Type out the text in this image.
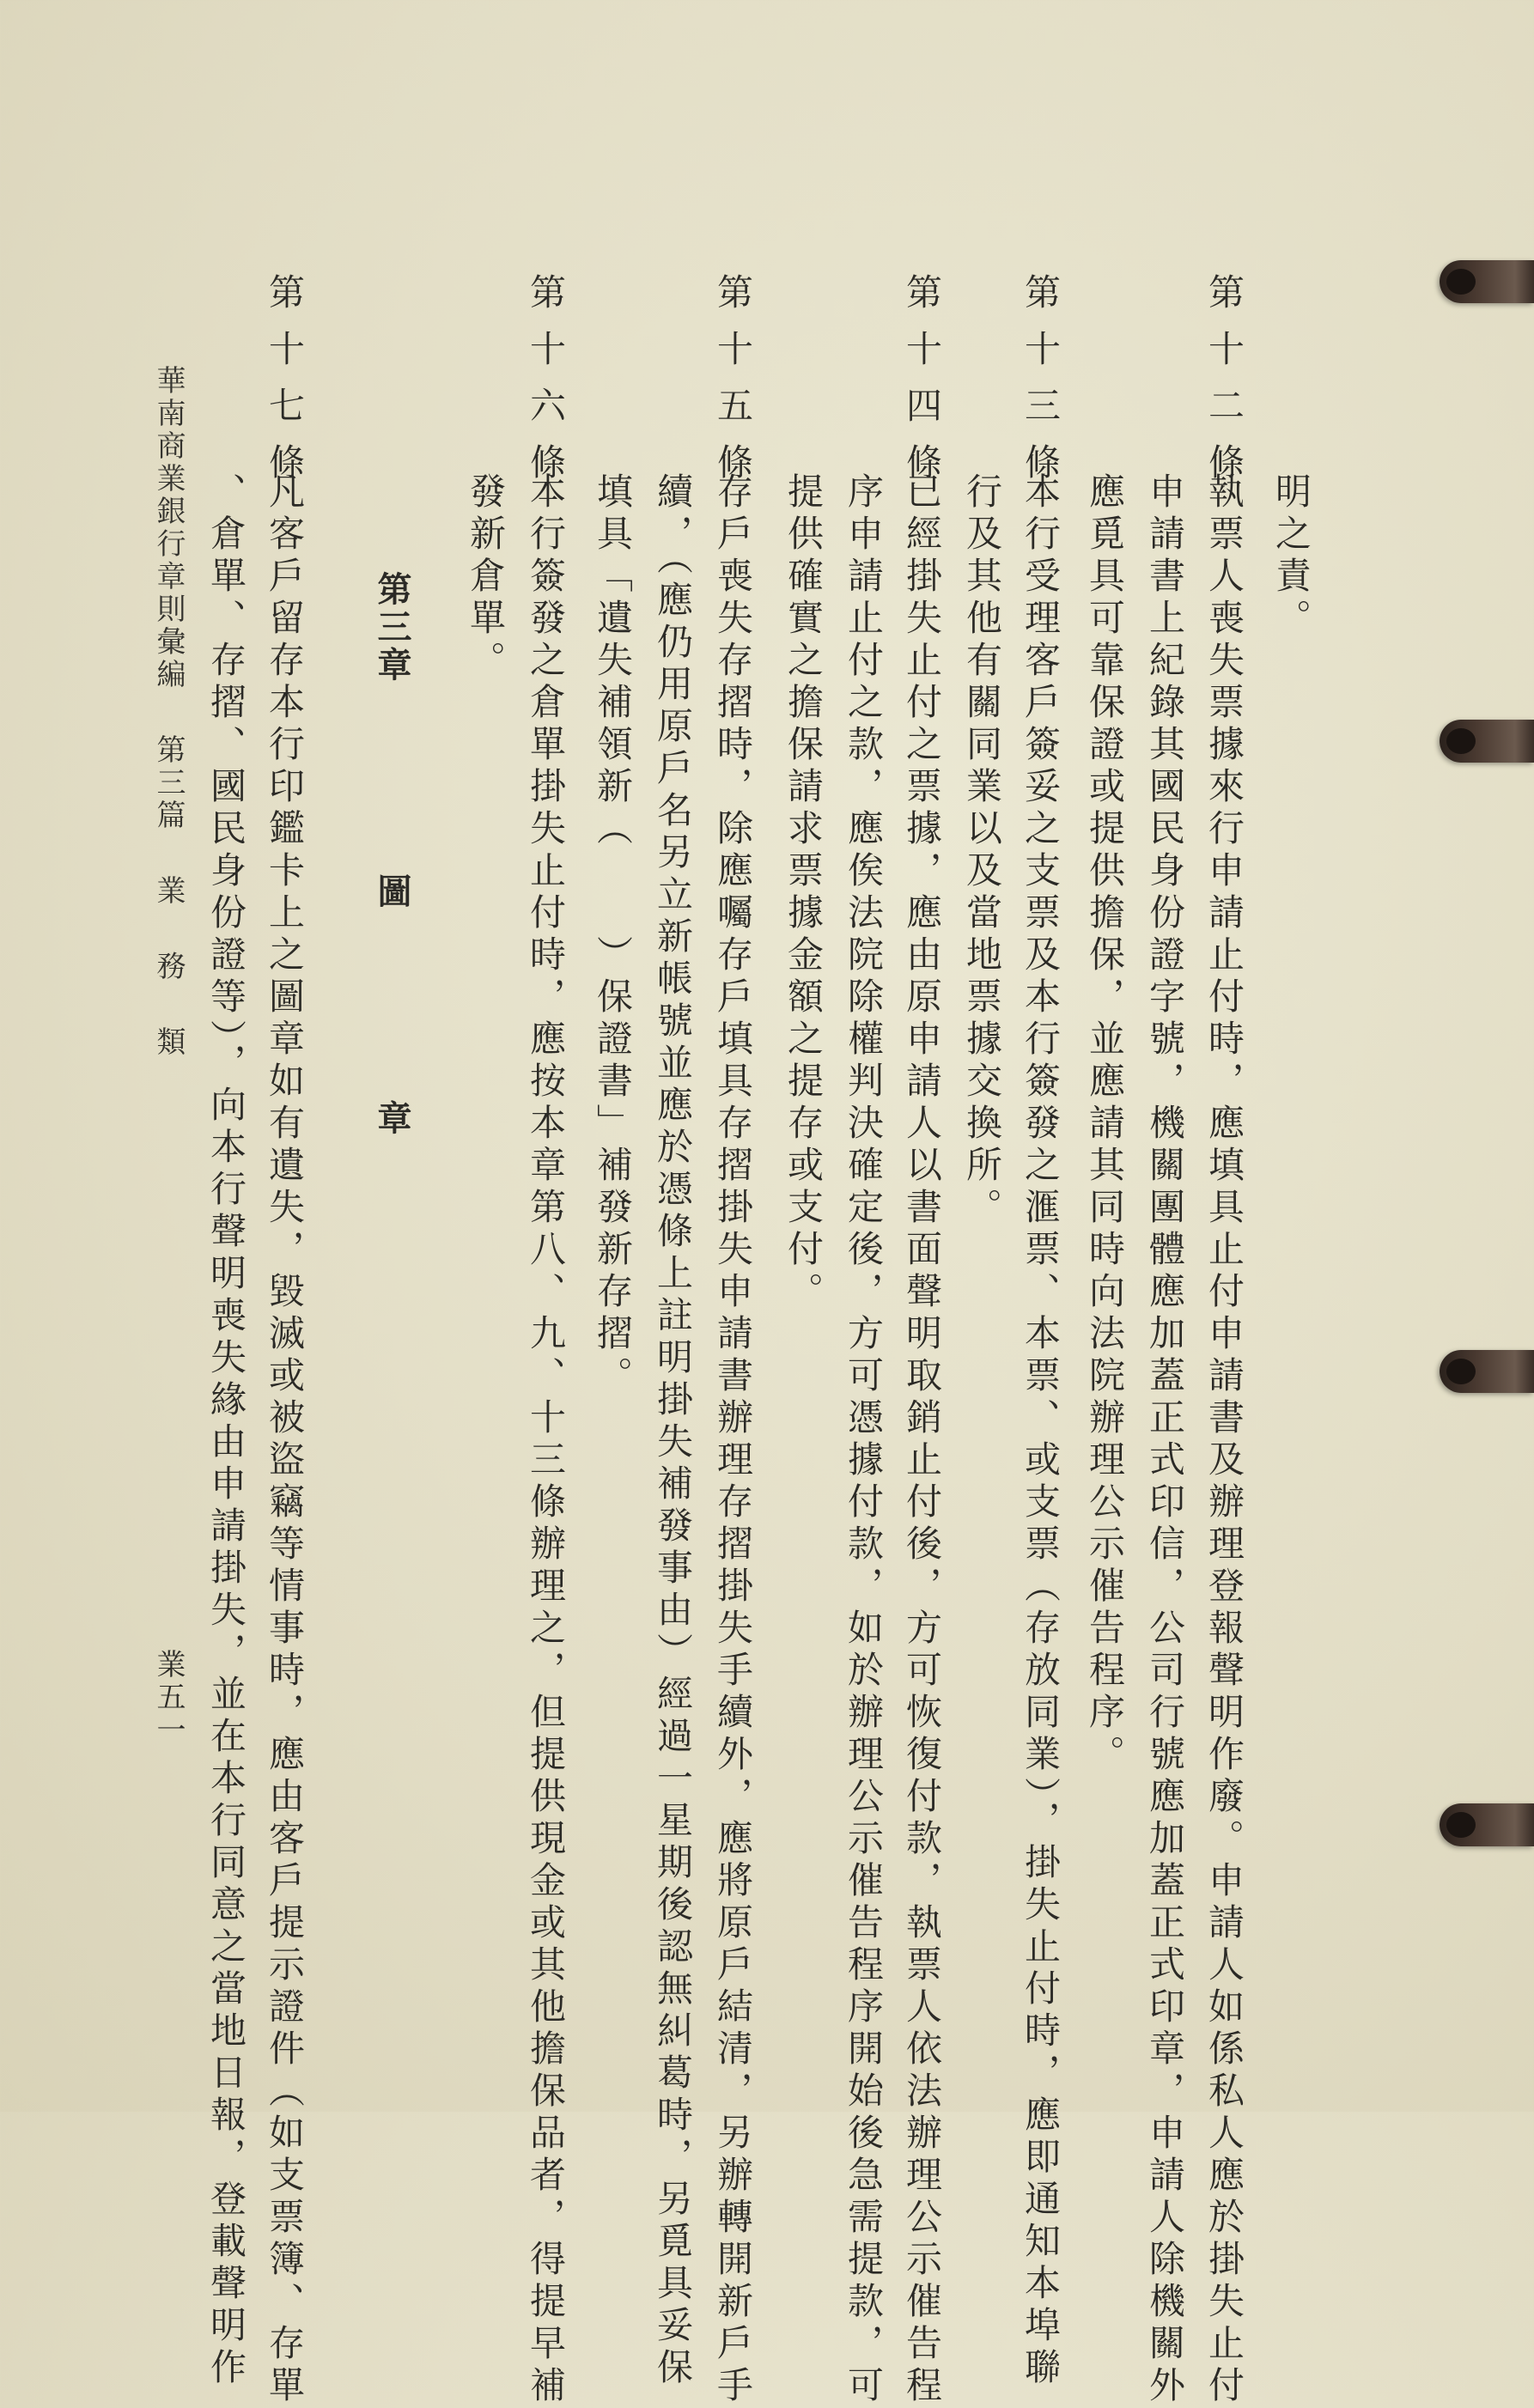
第十二條
明之責。
執票人喪失票據來行申請止付時，應填具止付申請書及辦理登報聲明作廢。申請人如係私人應於掛失止付
申請書上紀錄其國民身份證字號，機關團體應加蓋正式印信，公司行號應加蓋正式印章，申請人除機關外
應覓具可靠保證或提供擔保，並應請其同時向法院辦理公示催告程序。
第十三條
本行受理客戶簽妥之支票及本行簽發之滙票、本票、或支票（存放同業），掛失止付時，應即通知本埠聯
行及其他有關同業以及當地票據交換所。
第十四條
已經掛失止付之票據，應由原申請人以書面聲明取銷止付後，方可恢復付款，執票人依法辦理公示催告程
序申請止付之款，應俟法院除權判決確定後，方可憑據付款，如於辦理公示催告程序開始後急需提款，可
提供確實之擔保請求票據金額之提存或支付。
第十五條
存戶喪失存摺時，除應囑存戶填具存摺掛失申請書辦理存摺掛失手續外，應將原戶結清，另辦轉開新戶手
續，（應仍用原戶名另立新帳號並應於憑條上註明掛失補發事由）經過一星期後認無糾葛時，另覓具妥保
填具「遺失補領新（　　）保證書」補發新存摺。
第十六條
本行簽發之倉單掛失止付時，應按本章第八、九、十三條辦理之，但提供現金或其他擔保品者，得提早補
發新倉單。
第三章圖章
第十七條
凡客戶留存本行印鑑卡上之圖章如有遺失，毀滅或被盜竊等情事時，應由客戶提示證件（如支票簿、存單
、倉單、存摺、國民身份證等），向本行聲明喪失緣由申請掛失，並在本行同意之當地日報，登載聲明作
華南商業銀行章則彙編第三篇業務類
業五一
